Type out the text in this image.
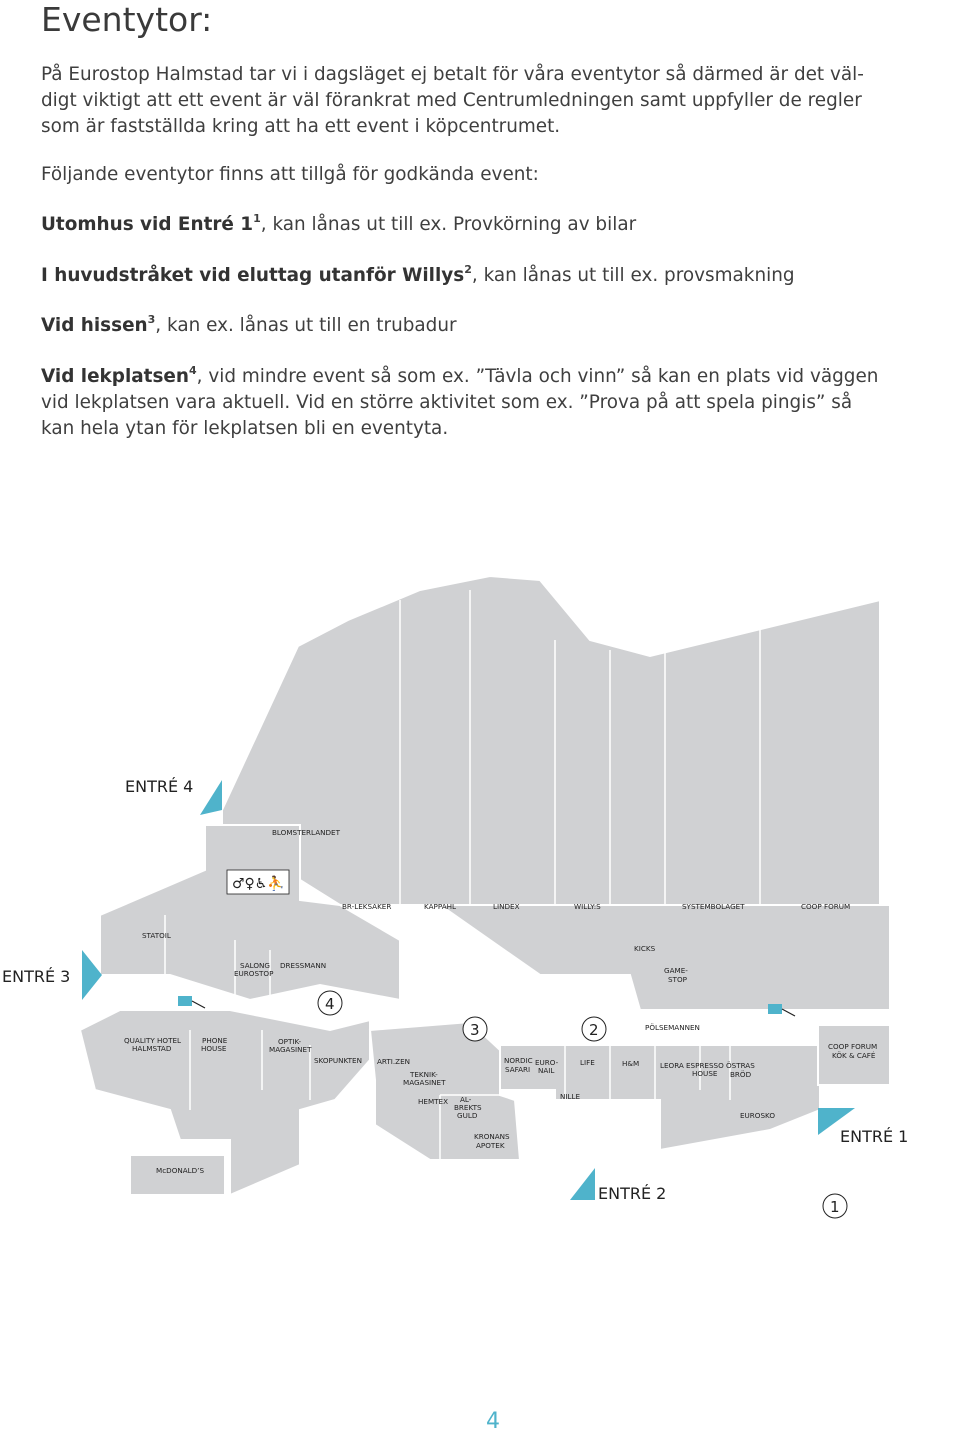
Eventytor:
På Eurostop Halmstad tar vi i dagsläget ej betalt för våra eventytor så därmed är det väl-
digt viktigt att ett event är väl förankrat med Centrumledningen samt uppfyller de regler
som är fastställda kring att ha ett event i köpcentrumet.
Följande eventytor finns att tillgå för godkända event:
Utomhus vid Entré $1^1$, kan lånas ut till ex. Provkörning av bilar
I huvudstråket vid eluttag utanför Willys$^2$, kan lånas ut till ex. provsmakning
Vid hissen$^3$, kan ex. lånas ut till en trubadur
Vid lekplatsen$^4$, vid mindre event så som ex. ”Tävla och vinn” så kan en plats vid väggen
vid lekplatsen vara aktuell. Vid en större aktivitet som ex. ”Prova på att spela pingis” så
kan hela ytan för lekplatsen bli en eventyta.
ENTRÉ 4
ENTRÉ 3
ENTRÉ 2
ENTRÉ 1
4
3	2
1
♂♀♿⛹
BLOMSTERLANDET
BR-LEKSAKER	KAPPAHL	LINDEX	WILLY:S	SYSTEMBOLAGET	COOP FORUM
STATOIL
KICKS
SALONG
EUROSTOP
DRESSMANN
GAME-
STOP
PÖLSEMANNEN
QUALITY HOTEL
HALMSTAD
PHONE
HOUSE
OPTIK-
MAGASINET
SKOPUNKTEN ARTI.ZEN
TEKNIK-
MAGASINET
NORDIC
SAFARI
EURO-
NAIL
LIFE	H&M	LEORA ESPRESSO
HOUSE
ÖSTRAS
BRÖD
COOP FORUM
KÖK & CAFÉ
HEMTEX AL-
BREKTS
GULD
NILLE
EUROSKO
KRONANS
APOTEK
McDONALD’S
4
